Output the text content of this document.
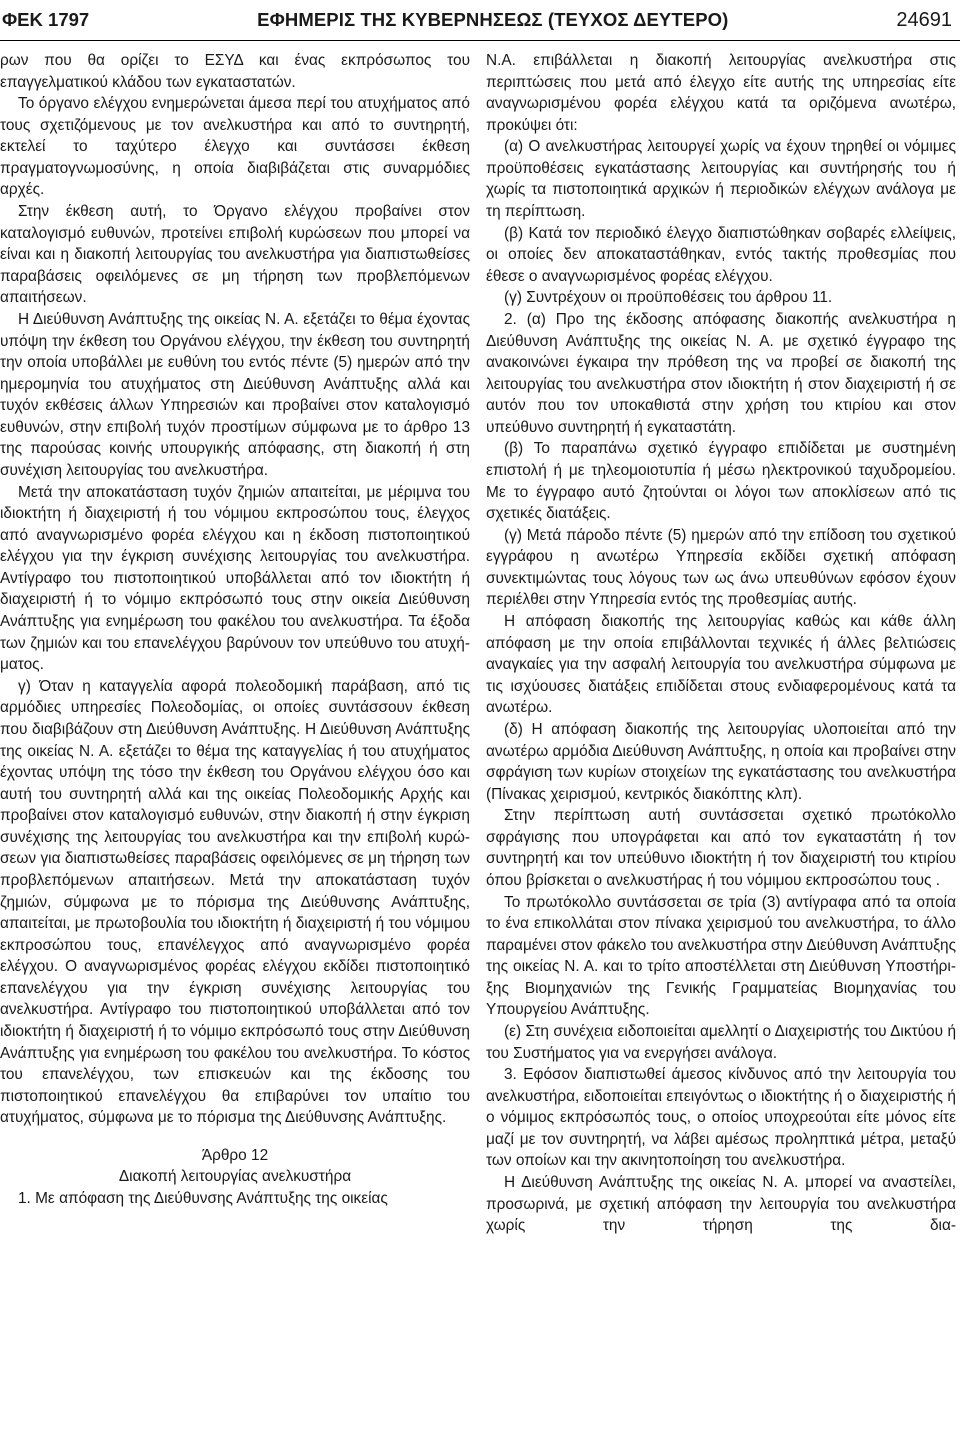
ΦΕΚ 1797	ΕΦΗΜΕΡΙΣ ΤΗΣ ΚΥΒΕΡΝΗΣΕΩΣ (ΤΕΥΧΟΣ ΔΕΥΤΕΡΟ)	24691

ρων που θα ορίζει το ΕΣΥΔ και ένας εκπρόσωπος του επαγγελματικού κλάδου των εγκαταστατών.

Το όργανο ελέγχου ενημερώνεται άμεσα περί του ατυχήματος από τους σχετιζόμενους με τον ανελκυστήρα και από το συντηρητή, εκτελεί το ταχύτερο έλεγχο και συντάσσει έκθεση πραγματογνωμοσύνης, η οποία διαβιβάζεται στις συναρμόδιες αρχές.

Στην έκθεση αυτή, το Όργανο ελέγχου προβαίνει στον καταλογισμό ευθυνών, προτείνει επιβολή κυρώσεων που μπορεί να είναι και η διακοπή λειτουργίας του ανελκυστήρα για διαπιστωθείσες παραβάσεις οφειλόμενες σε μη τήρηση των προβλεπόμενων απαιτήσεων.

Η Διεύθυνση Ανάπτυξης της οικείας Ν. Α. εξετάζει το θέμα έχοντας υπόψη την έκθεση του Οργάνου ελέγχου, την έκθεση του συντηρητή την οποία υποβάλλει με ευθύνη του εντός πέντε (5) ημερών από την ημερομηνία του ατυχήματος στη Διεύθυνση Ανάπτυξης αλλά και τυχόν εκθέσεις άλλων Υπηρεσιών και προβαίνει στον καταλογισμό ευθυνών, στην επιβολή τυχόν προστίμων σύμφωνα με το άρθρο 13 της παρούσας κοινής υπουργικής απόφασης, στη διακοπή ή στη συνέχιση λειτουργίας του ανελκυστήρα.

Μετά την αποκατάσταση τυχόν ζημιών απαιτείται, με μέριμνα του ιδιοκτήτη ή διαχειριστή ή του νόμιμου εκπροσώπου τους, έλεγχος από αναγνωρισμένο φορέα ελέγχου και η έκδοση πιστοποιητικού ελέγχου για την έγκριση συνέχισης λειτουργίας του ανελκυστήρα. Αντίγραφο του πιστοποιητικού υποβάλλεται από τον ιδιοκτήτη ή διαχειριστή ή το νόμιμο εκπρόσωπό τους στην οικεία Διεύθυνση Ανάπτυξης για ενημέρωση του φακέλου του ανελκυστήρα. Τα έξοδα των ζημιών και του επανελέγχου βαρύνουν τον υπεύθυνο του ατυχήματος.

γ) Όταν η καταγγελία αφορά πολεοδομική παράβαση, από τις αρμόδιες υπηρεσίες Πολεοδομίας, οι οποίες συντάσσουν έκθεση που διαβιβάζουν στη Διεύθυνση Ανάπτυξης. Η Διεύθυνση Ανάπτυξης της οικείας Ν. Α. εξετάζει το θέμα της καταγγελίας ή του ατυχήματος έχοντας υπόψη της τόσο την έκθεση του Οργάνου ελέγχου όσο και αυτή του συντηρητή αλλά και της οικείας Πολεοδομικής Αρχής και προβαίνει στον καταλογισμό ευθυνών, στην διακοπή ή στην έγκριση συνέχισης της λειτουργίας του ανελκυστήρα και την επιβολή κυρώσεων για διαπιστωθείσες παραβάσεις οφειλόμενες σε μη τήρηση των προβλεπόμενων απαιτήσεων. Μετά την αποκατάσταση τυχόν ζημιών, σύμφωνα με το πόρισμα της Διεύθυνσης Ανάπτυξης, απαιτείται, με πρωτοβουλία του ιδιοκτήτη ή διαχειριστή ή του νόμιμου εκπροσώπου τους, επανέλεγχος από αναγνωρισμένο φορέα ελέγχου. Ο αναγνωρισμένος φορέας ελέγχου εκδίδει πιστοποιητικό επανελέγχου για την έγκριση συνέχισης λειτουργίας του ανελκυστήρα. Αντίγραφο του πιστοποιητικού υποβάλλεται από τον ιδιοκτήτη ή διαχειριστή ή το νόμιμο εκπρόσωπό τους στην Διεύθυνση Ανάπτυξης για ενημέρωση του φακέλου του ανελκυστήρα. Το κόστος του επανελέγχου, των επισκευών και της έκδοσης του πιστοποιητικού επανελέγχου θα επιβαρύνει τον υπαίτιο του ατυχήματος, σύμφωνα με το πόρισμα της Διεύθυνσης Ανάπτυξης.

Άρθρο 12

Διακοπή λειτουργίας ανελκυστήρα

1. Με απόφαση της Διεύθυνσης Ανάπτυξης της οικείας

Ν.Α. επιβάλλεται η διακοπή λειτουργίας ανελκυστήρα στις περιπτώσεις που μετά από έλεγχο είτε αυτής της υπηρεσίας είτε αναγνωρισμένου φορέα ελέγχου κατά τα οριζόμενα ανωτέρω, προκύψει ότι:

(α) Ο ανελκυστήρας λειτουργεί χωρίς να έχουν τηρηθεί οι νόμιμες προϋποθέσεις εγκατάστασης λειτουργίας και συντήρησής του ή χωρίς τα πιστοποιητικά αρχικών ή περιοδικών ελέγχων ανάλογα με τη περίπτωση.

(β) Κατά τον περιοδικό έλεγχο διαπιστώθηκαν σοβαρές ελλείψεις, οι οποίες δεν αποκαταστάθηκαν, εντός τακτής προθεσμίας που έθεσε ο αναγνωρισμένος φορέας ελέγχου.

(γ) Συντρέχουν οι προϋποθέσεις του άρθρου 11.

2. (α) Προ της έκδοσης απόφασης διακοπής ανελκυστήρα η Διεύθυνση Ανάπτυξης της οικείας Ν. Α. με σχετικό έγγραφο της ανακοινώνει έγκαιρα την πρόθεση της να προβεί σε διακοπή της λειτουργίας του ανελκυστήρα στον ιδιοκτήτη ή στον διαχειριστή ή σε αυτόν που τον υποκαθιστά στην χρήση του κτιρίου και στον υπεύθυνο συντηρητή ή εγκαταστάτη.

(β) Το παραπάνω σχετικό έγγραφο επιδίδεται με συστημένη επιστολή ή με τηλεομοιοτυπία ή μέσω ηλεκτρονικού ταχυδρομείου. Με το έγγραφο αυτό ζητούνται οι λόγοι των αποκλίσεων από τις σχετικές διατάξεις.

(γ) Μετά πάροδο πέντε (5) ημερών από την επίδοση του σχετικού εγγράφου η ανωτέρω Υπηρεσία εκδίδει σχετική απόφαση συνεκτιμώντας τους λόγους των ως άνω υπευθύνων εφόσον έχουν περιέλθει στην Υπηρεσία εντός της προθεσμίας αυτής.

Η απόφαση διακοπής της λειτουργίας καθώς και κάθε άλλη απόφαση με την οποία επιβάλλονται τεχνικές ή άλλες βελτιώσεις αναγκαίες για την ασφαλή λειτουργία του ανελκυστήρα σύμφωνα με τις ισχύουσες διατάξεις επιδίδεται στους ενδιαφερομένους κατά τα ανωτέρω.

(δ) Η απόφαση διακοπής της λειτουργίας υλοποιείται από την ανωτέρω αρμόδια Διεύθυνση Ανάπτυξης, η οποία και προβαίνει στην σφράγιση των κυρίων στοιχείων της εγκατάστασης του ανελκυστήρα (Πίνακας χειρισμού, κεντρικός διακόπτης κλπ).

Στην περίπτωση αυτή συντάσσεται σχετικό πρωτόκολλο σφράγισης που υπογράφεται και από τον εγκαταστάτη ή τον συντηρητή και τον υπεύθυνο ιδιοκτήτη ή τον διαχειριστή του κτιρίου όπου βρίσκεται ο ανελκυστήρας ή του νόμιμου εκπροσώπου τους .

Το πρωτόκολλο συντάσσεται σε τρία (3) αντίγραφα από τα οποία το ένα επικολλάται στον πίνακα χειρισμού του ανελκυστήρα, το άλλο παραμένει στον φάκελο του ανελκυστήρα στην Διεύθυνση Ανάπτυξης της οικείας Ν. Α. και το τρίτο αποστέλλεται στη Διεύθυνση Υποστήριξης Βιομηχανιών της Γενικής Γραμματείας Βιομηχανίας του Υπουργείου Ανάπτυξης.

(ε) Στη συνέχεια ειδοποιείται αμελλητί ο Διαχειριστής του Δικτύου ή του Συστήματος για να ενεργήσει ανάλογα.

3. Εφόσον διαπιστωθεί άμεσος κίνδυνος από την λειτουργία του ανελκυστήρα, ειδοποιείται επειγόντως ο ιδιοκτήτης ή ο διαχειριστής ή ο νόμιμος εκπρόσωπός τους, ο οποίος υποχρεούται είτε μόνος είτε μαζί με τον συντηρητή, να λάβει αμέσως προληπτικά μέτρα, μεταξύ των οποίων και την ακινητοποίηση του ανελκυστήρα.

Η Διεύθυνση Ανάπτυξης της οικείας Ν. Α. μπορεί να αναστείλει, προσωρινά, με σχετική απόφαση την λειτουργία του ανελκυστήρα χωρίς την τήρηση της δια-
